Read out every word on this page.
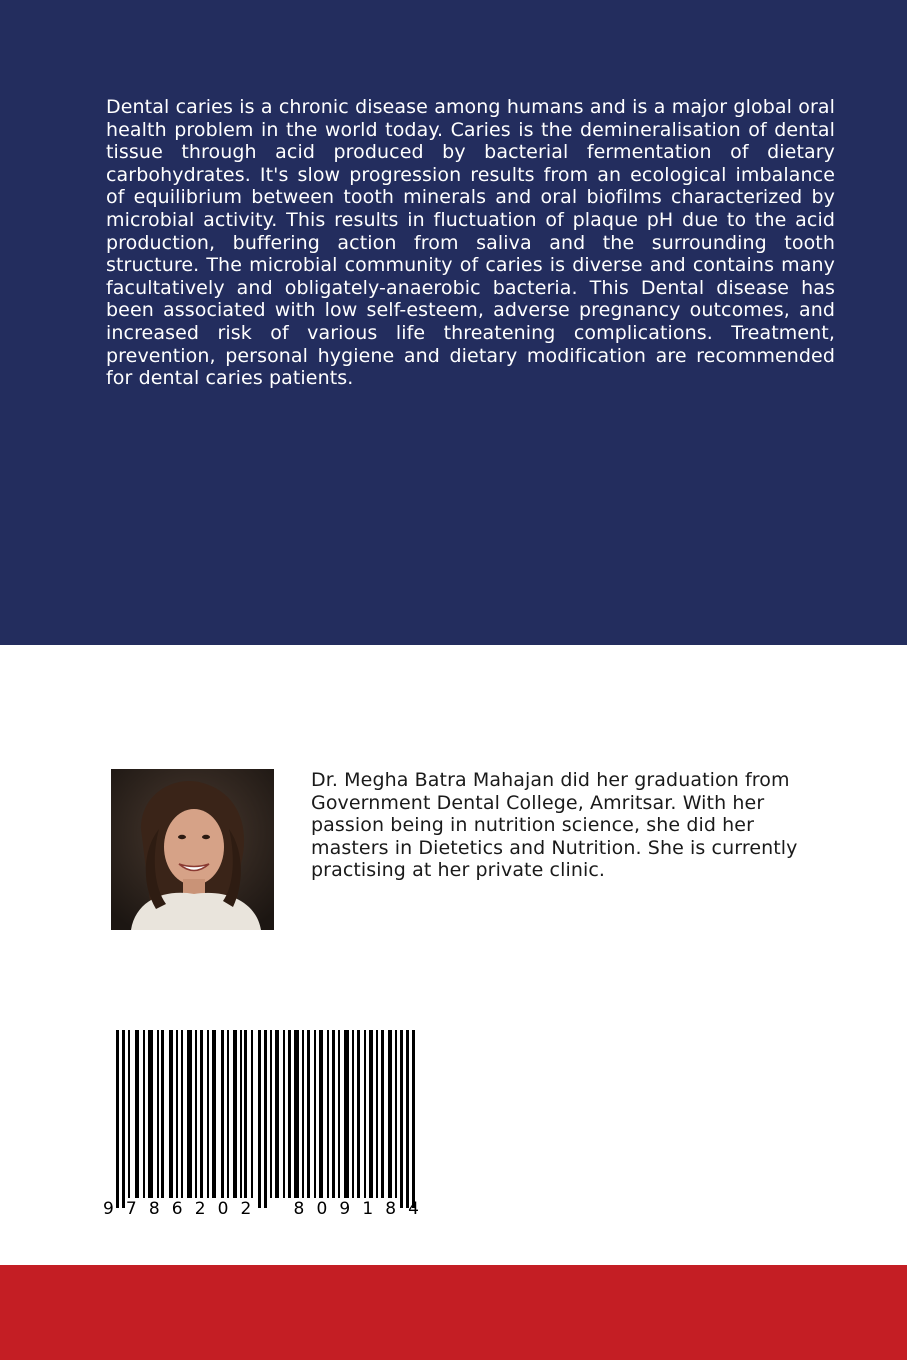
Dental caries is a chronic disease among humans and is a major global oral health problem in the world today. Caries is the demineralisation of dental tissue through acid produced by bacterial fermentation of dietary carbohydrates. It's slow progression results from an ecological imbalance of equilibrium between tooth minerals and oral biofilms characterized by microbial activity. This results in fluctuation of plaque pH due to the acid production, buffering action from saliva and the surrounding tooth structure. The microbial community of caries is diverse and contains many facultatively and obligately-anaerobic bacteria. This Dental disease has been associated with low self-esteem, adverse pregnancy outcomes, and increased risk of various life threatening complications. Treatment, prevention, personal hygiene and dietary modification are recommended for dental caries patients.

Dr. Megha Batra Mahajan did her graduation from Government Dental College, Amritsar. With her passion being in nutrition science, she did her masters in Dietetics and Nutrition. She is currently practising at her private clinic.

9 7 8 6 2 0 2 8 0 9 1 8 4
